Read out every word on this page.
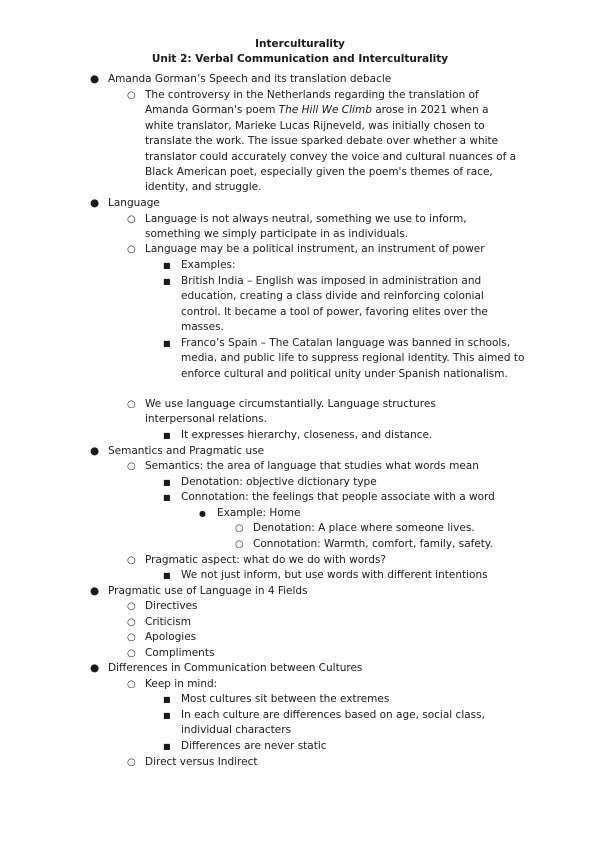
Interculturality
Unit 2: Verbal Communication and Interculturality
● Amanda Gorman’s Speech and its translation debacle
○ The controversy in the Netherlands regarding the translation of Amanda Gorman's poem The Hill We Climb arose in 2021 when a white translator, Marieke Lucas Rijneveld, was initially chosen to translate the work. The issue sparked debate over whether a white translator could accurately convey the voice and cultural nuances of a Black American poet, especially given the poem's themes of race, identity, and struggle.
● Language
○ Language is not always neutral, something we use to inform, something we simply participate in as individuals.
○ Language may be a political instrument, an instrument of power
■ Examples:
■ British India – English was imposed in administration and education, creating a class divide and reinforcing colonial control. It became a tool of power, favoring elites over the masses.
■ Franco’s Spain – The Catalan language was banned in schools, media, and public life to suppress regional identity. This aimed to enforce cultural and political unity under Spanish nationalism.
○ We use language circumstantially. Language structures interpersonal relations.
■ It expresses hierarchy, closeness, and distance.
● Semantics and Pragmatic use
○ Semantics: the area of language that studies what words mean
■ Denotation: objective dictionary type
■ Connotation: the feelings that people associate with a word
● Example: Home
○ Denotation: A place where someone lives.
○ Connotation: Warmth, comfort, family, safety.
○ Pragmatic aspect: what do we do with words?
■ We not just inform, but use words with different intentions
● Pragmatic use of Language in 4 Fields
○ Directives
○ Criticism
○ Apologies
○ Compliments
● Differences in Communication between Cultures
○ Keep in mind:
■ Most cultures sit between the extremes
■ In each culture are differences based on age, social class, individual characters
■ Differences are never static
○ Direct versus Indirect
